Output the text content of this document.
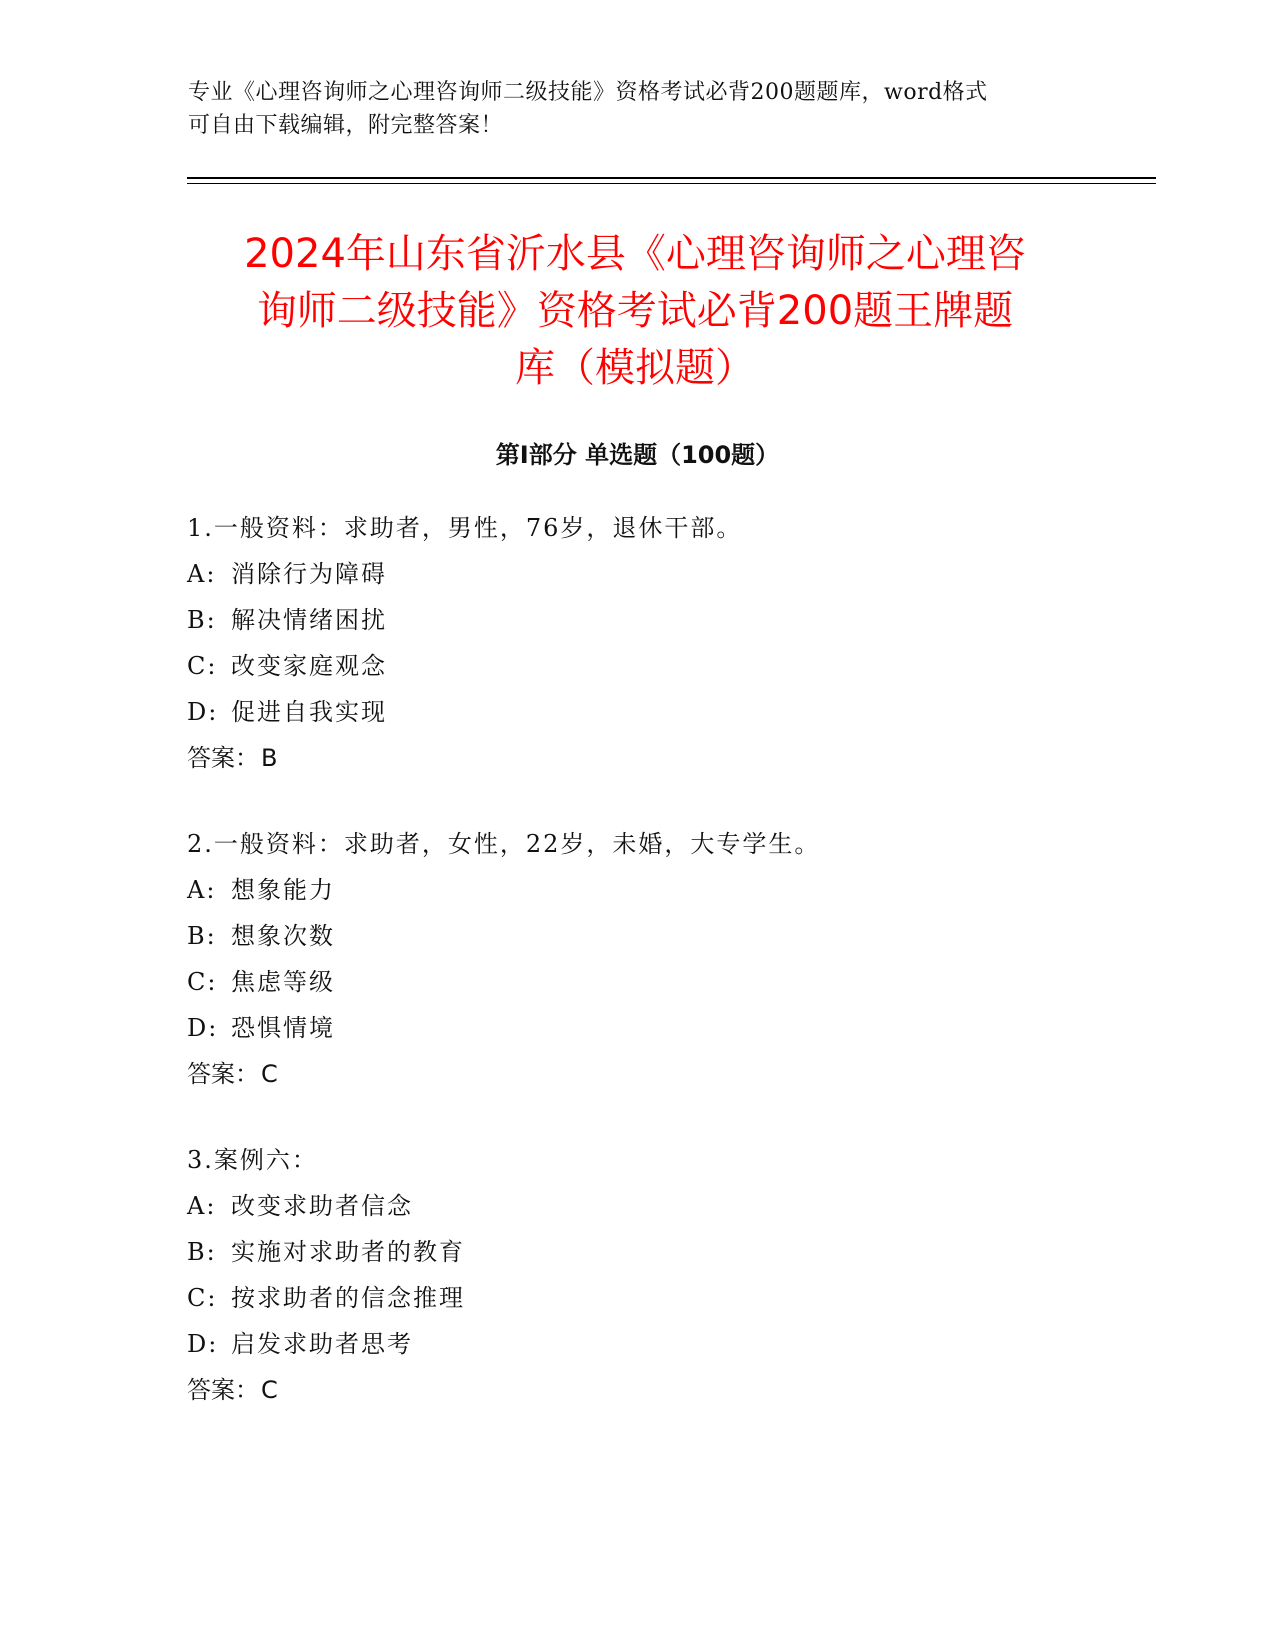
专业《心理咨询师之心理咨询师二级技能》资格考试必背200题题库，word格式
可自由下载编辑，附完整答案！
2024年山东省沂水县《心理咨询师之心理咨
询师二级技能》资格考试必背200题王牌题
库（模拟题）
第Ⅰ部分 单选题（100题）
1.一般资料：求助者，男性，76岁，退休干部。
A: 消除行为障碍
B: 解决情绪困扰
C: 改变家庭观念
D: 促进自我实现
答案：B
2.一般资料：求助者，女性，22岁，未婚，大专学生。
A: 想象能力
B: 想象次数
C: 焦虑等级
D: 恐惧情境
答案：C
3.案例六：
A: 改变求助者信念
B: 实施对求助者的教育
C: 按求助者的信念推理
D: 启发求助者思考
答案：C
